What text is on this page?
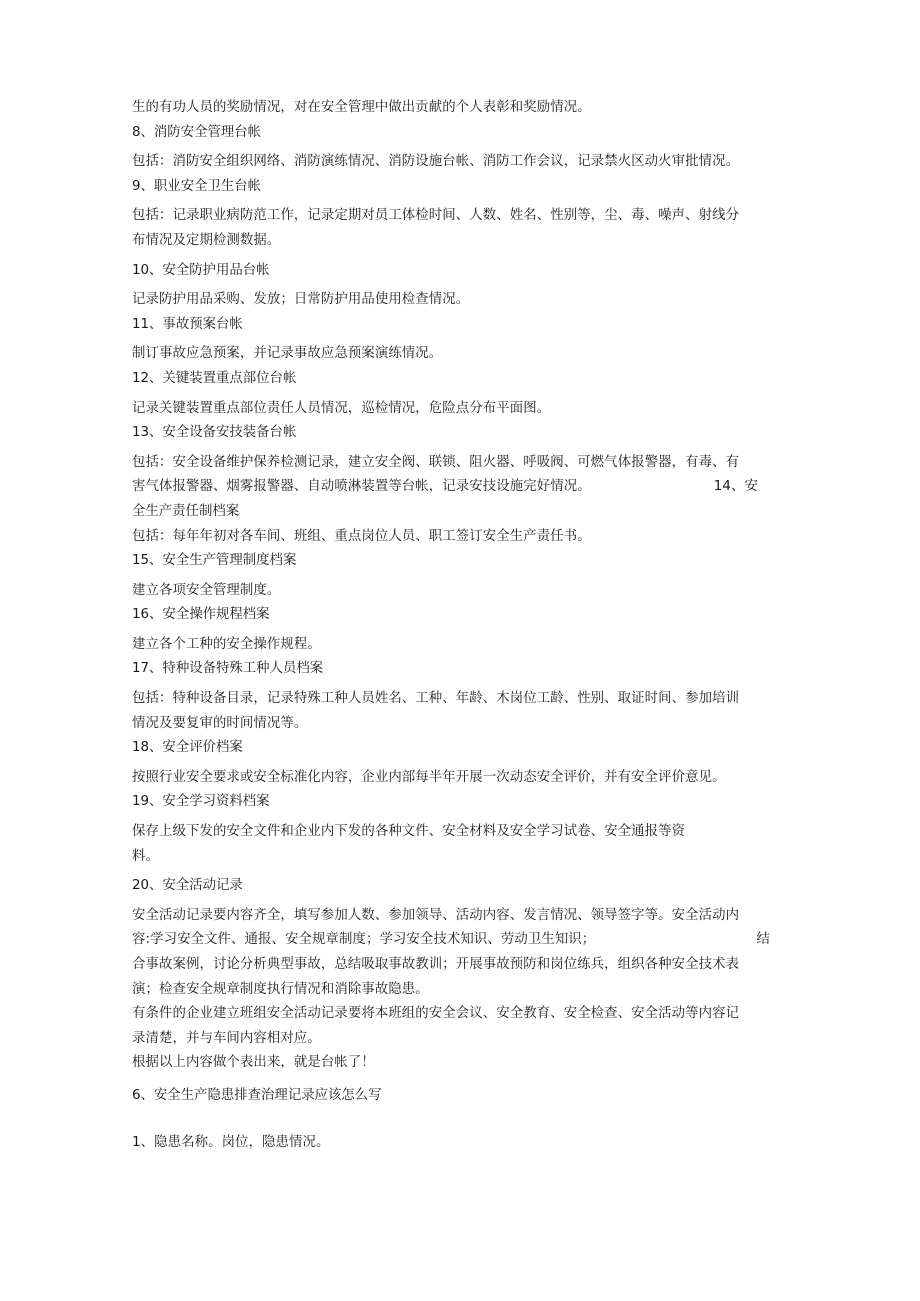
生的有功人员的奖励情况，对在安全管理中做出贡献的个人表彰和奖励情况。
8、消防安全管理台帐
包括：消防安全组织网络、消防演练情况、消防设施台帐、消防工作会议，记录禁火区动火审批情况。
9、职业安全卫生台帐
包括：记录职业病防范工作，记录定期对员工体检时间、人数、姓名、性别等，尘、毒、噪声、射线分
布情况及定期检测数据。
10、安全防护用品台帐
记录防护用品采购、发放；日常防护用品使用检查情况。
11、事故预案台帐
制订事故应急预案，并记录事故应急预案演练情况。
12、关键装置重点部位台帐
记录关键装置重点部位责任人员情况，巡检情况，危险点分布平面图。
13、安全设备安技装备台帐
包括：安全设备维护保养检测记录，建立安全阀、联锁、阻火器、呼吸阀、可燃气体报警器，有毒、有
害气体报警器、烟雾报警器、自动喷淋装置等台帐，记录安技设施完好情况。	14、安
全生产责任制档案
包括：每年年初对各车间、班组、重点岗位人员、职工签订安全生产责任书。
15、安全生产管理制度档案
建立各项安全管理制度。
16、安全操作规程档案
建立各个工种的安全操作规程。
17、特种设备特殊工种人员档案
包括：特种设备目录，记录特殊工种人员姓名、工种、年龄、木岗位工龄、性别、取证时间、参加培训
情况及要复审的时间情况等。
18、安全评价档案
按照行业安全要求或安全标准化内容，企业内部每半年开展一次动态安全评价，并有安全评价意见。
19、安全学习资料档案
保存上级下发的安全文件和企业内下发的各种文件、安全材料及安全学习试卷、安全通报等资
料。
20、安全活动记录
安全活动记录要内容齐全，填写参加人数、参加领导、活动内容、发言情况、领导签字等。安全活动内
容:学习安全文件、通报、安全规章制度；学习安全技术知识、劳动卫生知识；	结
合事故案例，讨论分析典型事故，总结吸取事故教训；开展事故预防和岗位练兵，组织各种安全技术表
演；检查安全规章制度执行情况和消除事故隐患。
有条件的企业建立班组安全活动记录要将本班组的安全会议、安全教育、安全检查、安全活动等内容记
录清楚，并与车间内容相对应。
根据以上内容做个表出来，就是台帐了！
6、安全生产隐患排查治理记录应该怎么写
1、隐患名称。岗位，隐患情况。
